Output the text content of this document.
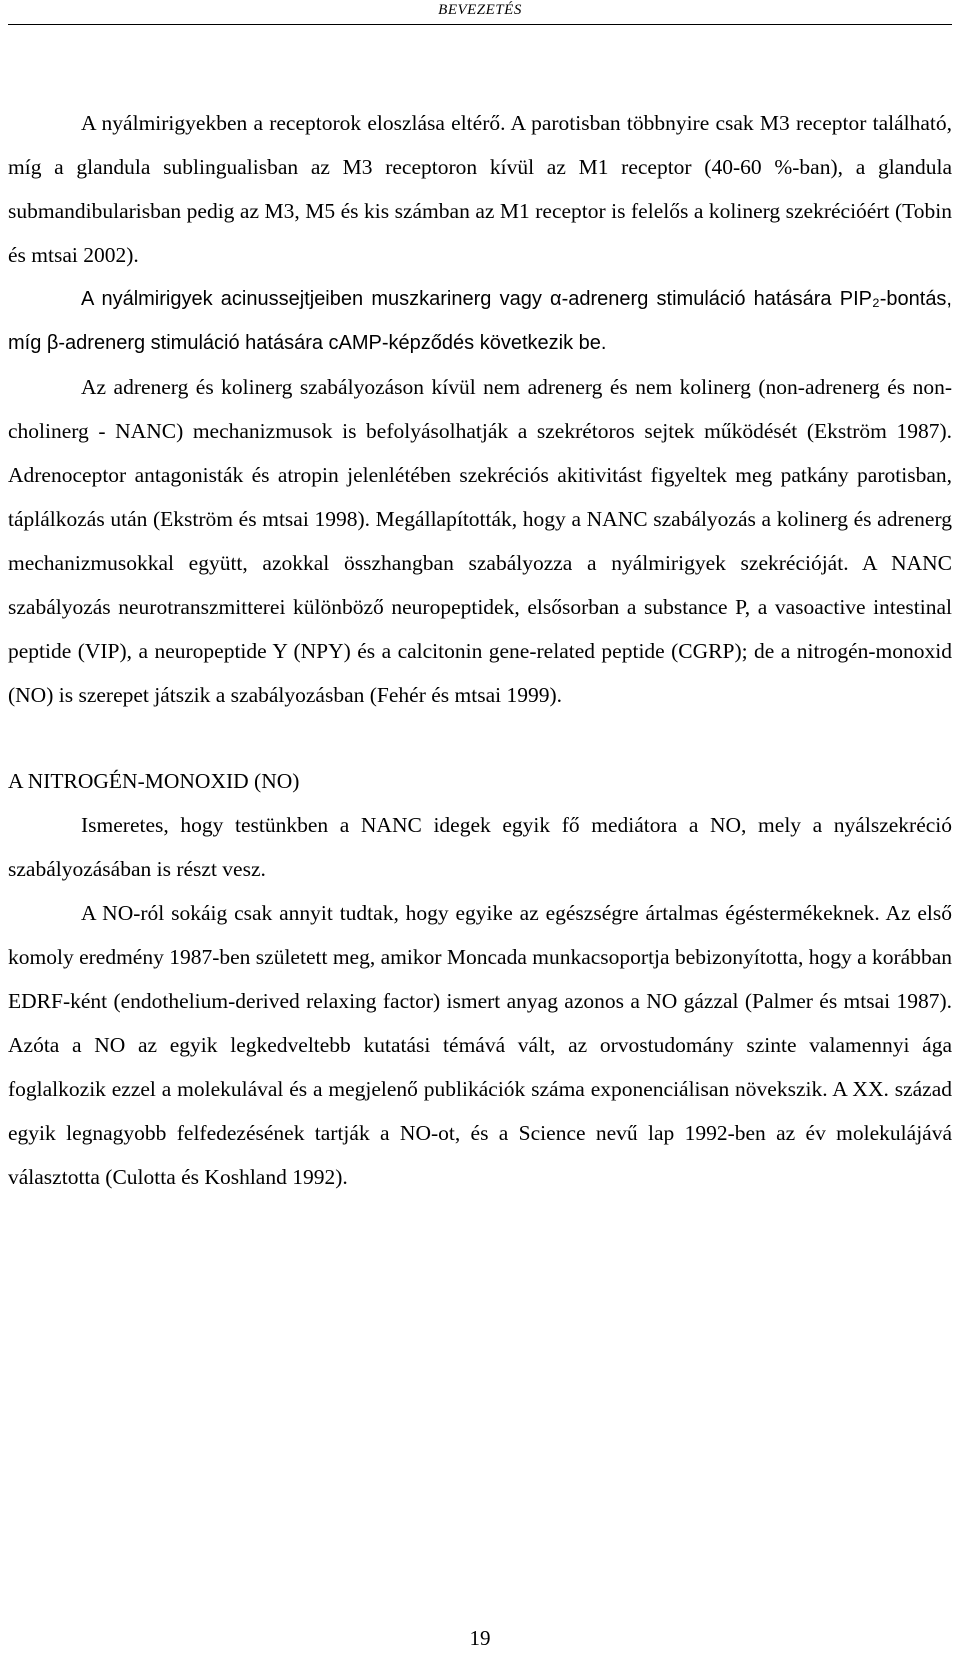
BEVEZETÉS

A nyálmirigyekben a receptorok eloszlása eltérő. A parotisban többnyire csak M3 receptor található, míg a glandula sublingualisban az M3 receptoron kívül az M1 receptor (40-60 %-ban), a glandula submandibularisban pedig az M3, M5 és kis számban az M1 receptor is felelős a kolinerg szekrécióért (Tobin és mtsai 2002).

A nyálmirigyek acinussejtjeiben muszkarinerg vagy α-adrenerg stimuláció hatására PIP₂-bontás, míg β-adrenerg stimuláció hatására cAMP-képződés következik be.

Az adrenerg és kolinerg szabályozáson kívül nem adrenerg és nem kolinerg (non-adrenerg és non-cholinerg - NANC) mechanizmusok is befolyásolhatják a szekrétoros sejtek működését (Ekström 1987). Adrenoceptor antagonisták és atropin jelenlétében szekréciós akitivitást figyeltek meg patkány parotisban, táplálkozás után (Ekström és mtsai 1998). Megállapították, hogy a NANC szabályozás a kolinerg és adrenerg mechanizmusokkal együtt, azokkal összhangban szabályozza a nyálmirigyek szekrécióját. A NANC szabályozás neurotranszmitterei különböző neuropeptidek, elsősorban a substance P, a vasoactive intestinal peptide (VIP), a neuropeptide Y (NPY) és a calcitonin gene-related peptide (CGRP); de a nitrogén-monoxid (NO) is szerepet játszik a szabályozásban (Fehér és mtsai 1999).

A NITROGÉN-MONOXID (NO)

Ismeretes, hogy testünkben a NANC idegek egyik fő mediátora a NO, mely a nyálszekréció szabályozásában is részt vesz.

A NO-ról sokáig csak annyit tudtak, hogy egyike az egészségre ártalmas égéstermékeknek. Az első komoly eredmény 1987-ben született meg, amikor Moncada munkacsoportja bebizonyította, hogy a korábban EDRF-ként (endothelium-derived relaxing factor) ismert anyag azonos a NO gázzal (Palmer és mtsai 1987). Azóta a NO az egyik legkedveltebb kutatási témává vált, az orvostudomány szinte valamennyi ága foglalkozik ezzel a molekulával és a megjelenő publikációk száma exponenciálisan növekszik. A XX. század egyik legnagyobb felfedezésének tartják a NO-ot, és a Science nevű lap 1992-ben az év molekulájává választotta (Culotta és Koshland 1992).

19
